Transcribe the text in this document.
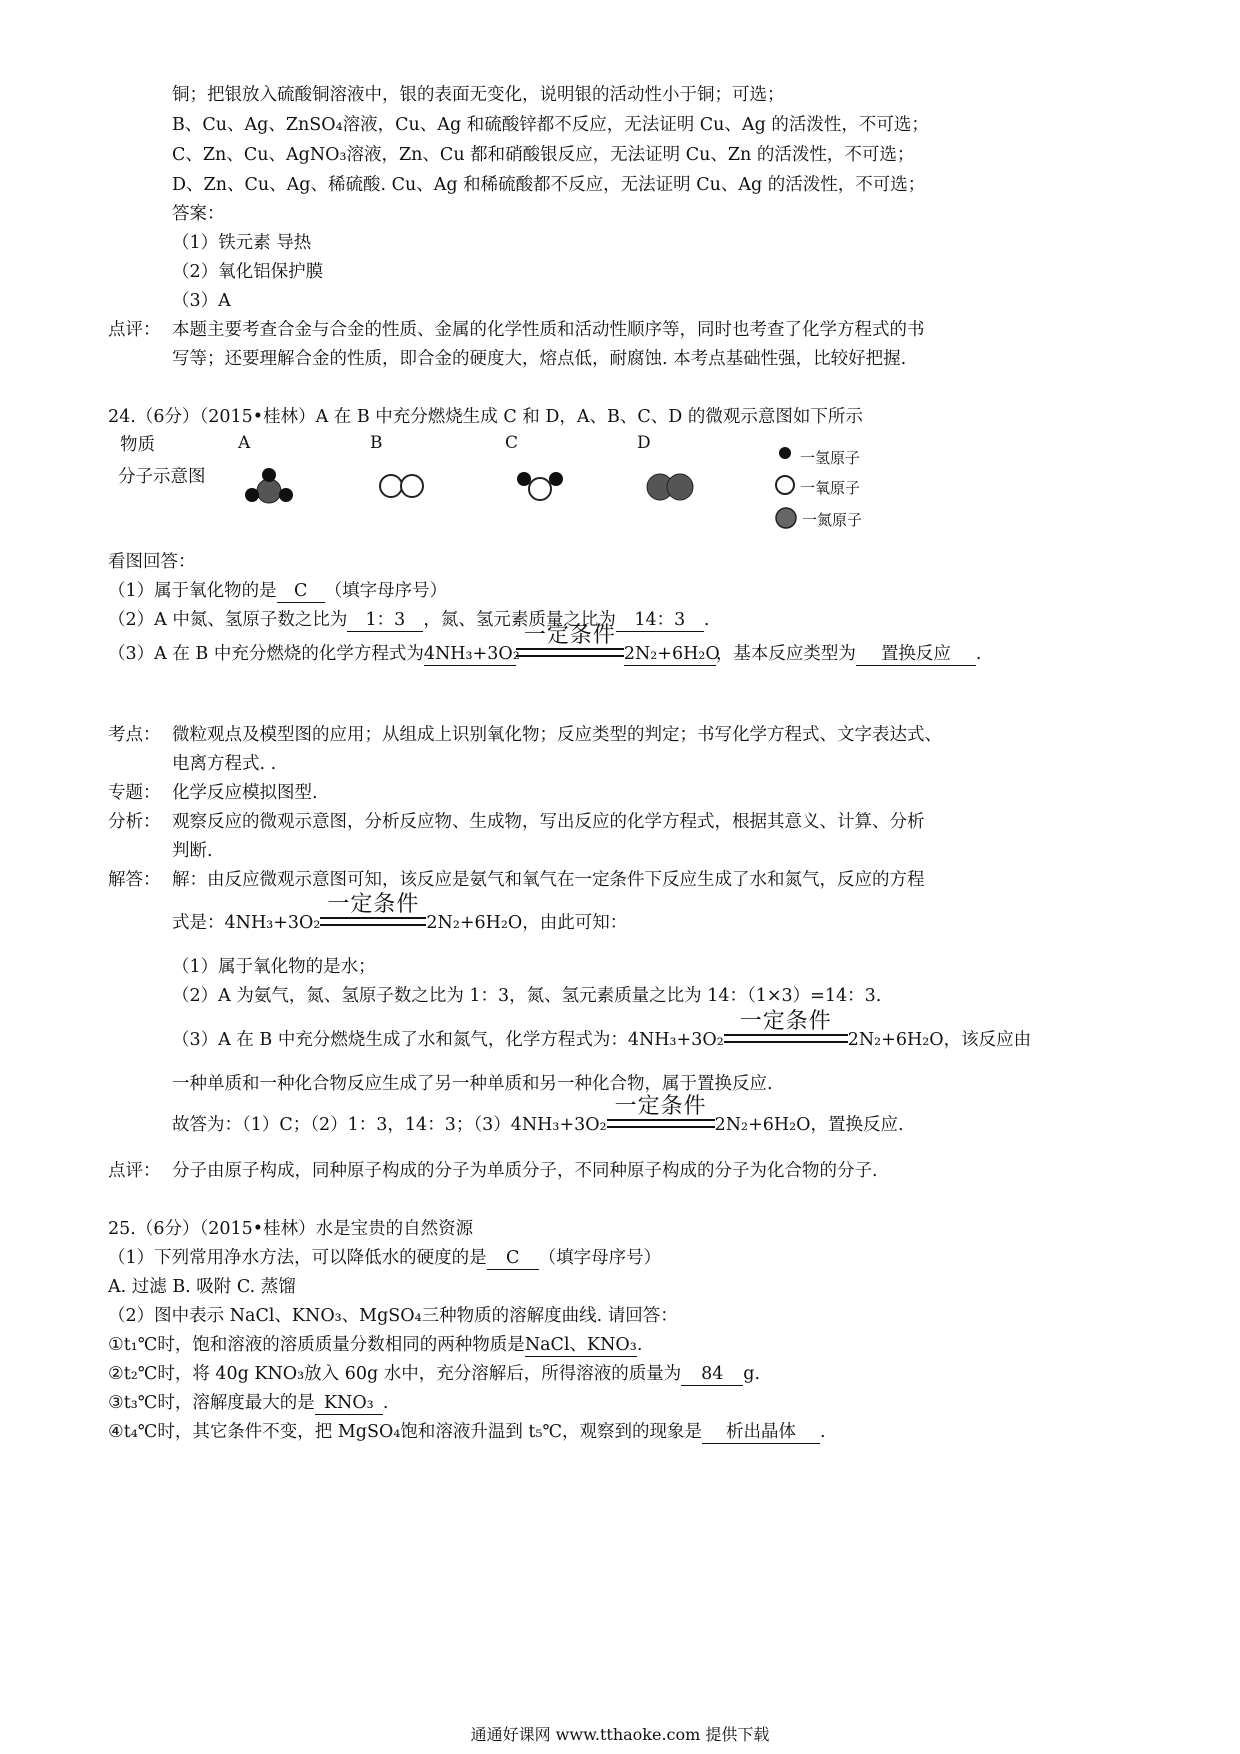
铜；把银放入硫酸铜溶液中，银的表面无变化，说明银的活动性小于铜；可选；
B、Cu、Ag、ZnSO₄溶液，Cu、Ag 和硫酸锌都不反应，无法证明 Cu、Ag 的活泼性，不可选；
C、Zn、Cu、AgNO₃溶液，Zn、Cu 都和硝酸银反应，无法证明 Cu、Zn 的活泼性，不可选；
D、Zn、Cu、Ag、稀硫酸. Cu、Ag 和稀硫酸都不反应，无法证明 Cu、Ag 的活泼性，不可选；
答案：
（1）铁元素 导热
（2）氧化铝保护膜
（3）A
点评： 本题主要考查合金与合金的性质、金属的化学性质和活动性顺序等，同时也考查了化学方程式的书
写等；还要理解合金的性质，即合金的硬度大，熔点低，耐腐蚀. 本考点基础性强，比较好把握.
24.（6分）（2015•桂林）A 在 B 中充分燃烧生成 C 和 D，A、B、C、D 的微观示意图如下所示
物质
分子示意图
A	B	C	D
一氢原子
一氧原子
一氮原子
看图回答：
（1）属于氧化物的是 C （填字母序号）
（2）A 中氮、氢原子数之比为 1：3 ，氮、氢元素质量之比为 14：3 .
（3）A 在 B 中充分燃烧的化学方程式为4NH₃+3O₂
一定条件
2N₂+6H₂O，基本反应类型为 置换反应 .
考点： 微粒观点及模型图的应用；从组成上识别氧化物；反应类型的判定；书写化学方程式、文字表达式、
电离方程式. .
专题： 化学反应模拟图型.
分析： 观察反应的微观示意图，分析反应物、生成物，写出反应的化学方程式，根据其意义、计算、分析
判断.
解答： 解：由反应微观示意图可知，该反应是氨气和氧气在一定条件下反应生成了水和氮气，反应的方程
式是：4NH₃+3O₂
一定条件
2N₂+6H₂O，由此可知：
（1）属于氧化物的是水；
（2）A 为氨气，氮、氢原子数之比为 1：3，氮、氢元素质量之比为 14：（1×3）=14：3.
（3）A 在 B 中充分燃烧生成了水和氮气，化学方程式为：4NH₃+3O₂
一定条件
2N₂+6H₂O，该反应由
一种单质和一种化合物反应生成了另一种单质和另一种化合物，属于置换反应.
故答为：（1）C；（2）1：3，14：3；（3）4NH₃+3O₂
一定条件
2N₂+6H₂O，置换反应.
点评： 分子由原子构成，同种原子构成的分子为单质分子，不同种原子构成的分子为化合物的分子.
25.（6分）（2015•桂林）水是宝贵的自然资源
（1）下列常用净水方法，可以降低水的硬度的是 C （填字母序号）
A. 过滤 B. 吸附 C. 蒸馏
（2）图中表示 NaCl、KNO₃、MgSO₄三种物质的溶解度曲线. 请回答：
①t₁℃时，饱和溶液的溶质质量分数相同的两种物质是NaCl、KNO₃.
②t₂℃时，将 40g KNO₃放入 60g 水中，充分溶解后，所得溶液的质量为 84 g.
③t₃℃时，溶解度最大的是 KNO₃ .
④t₄℃时，其它条件不变，把 MgSO₄饱和溶液升温到 t₅℃，观察到的现象是 析出晶体 .
通通好课网 www.tthaoke.com 提供下载
